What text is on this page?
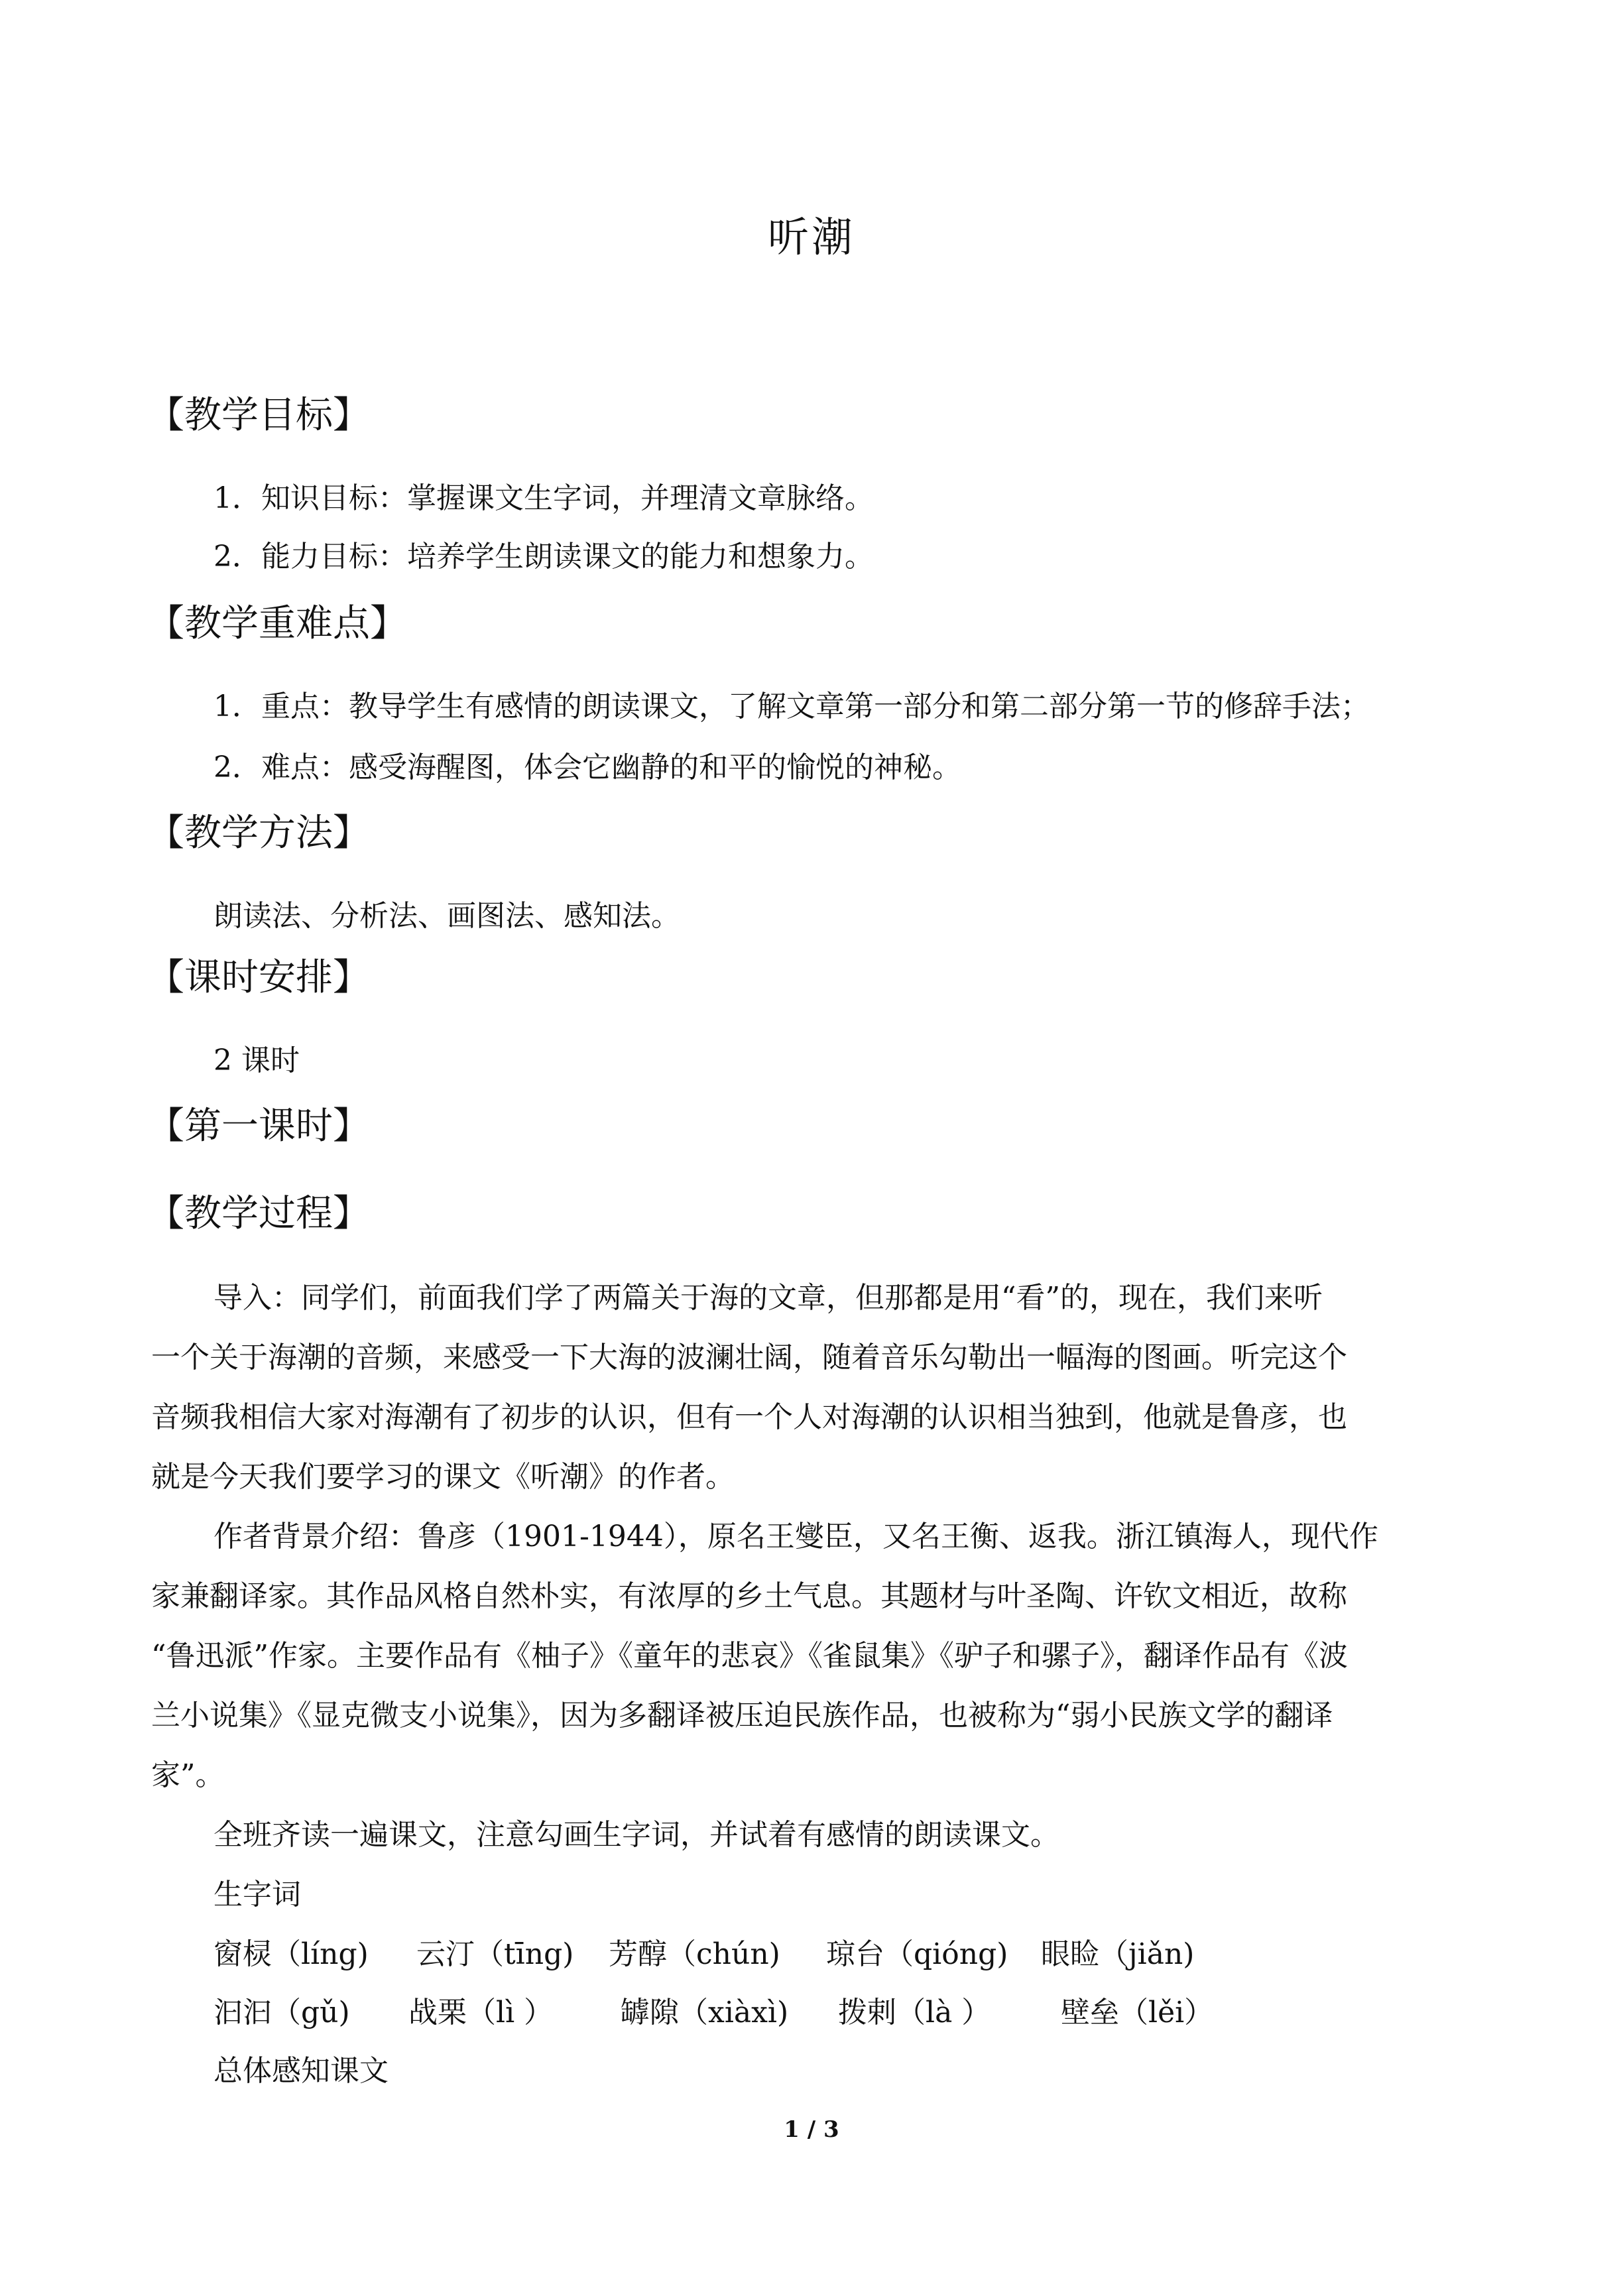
听潮
【教学目标】
1．知识目标：掌握课文生字词，并理清文章脉络。
2．能力目标：培养学生朗读课文的能力和想象力。
【教学重难点】
1．重点：教导学生有感情的朗读课文，了解文章第一部分和第二部分第一节的修辞手法；
2．难点：感受海醒图，体会它幽静的和平的愉悦的神秘。
【教学方法】
朗读法、分析法、画图法、感知法。
【课时安排】
2 课时
【第一课时】
【教学过程】
导入：同学们，前面我们学了两篇关于海的文章，但那都是用“看”的，现在，我们来听
一个关于海潮的音频，来感受一下大海的波澜壮阔，随着音乐勾勒出一幅海的图画。听完这个
音频我相信大家对海潮有了初步的认识，但有一个人对海潮的认识相当独到，他就是鲁彦，也
就是今天我们要学习的课文《听潮》的作者。
作者背景介绍：鲁彦（1901-1944），原名王燮臣，又名王衡、返我。浙江镇海人，现代作
家兼翻译家。其作品风格自然朴实，有浓厚的乡土气息。其题材与叶圣陶、许钦文相近，故称
“鲁迅派”作家。主要作品有《柚子》《童年的悲哀》《雀鼠集》《驴子和骡子》，翻译作品有《波
兰小说集》《显克微支小说集》，因为多翻译被压迫民族作品，也被称为“弱小民族文学的翻译
家”。
全班齐读一遍课文，注意勾画生字词，并试着有感情的朗读课文。
生字词
窗棂（líng) 云汀（tīng) 芳醇（chún) 琼台（qióng) 眼睑（jiǎn)
汩汩（gǔ) 战栗（lì ） 罅隙（xiàxì) 拨剌（là ） 壁垒（lěi）
总体感知课文
1 / 3
